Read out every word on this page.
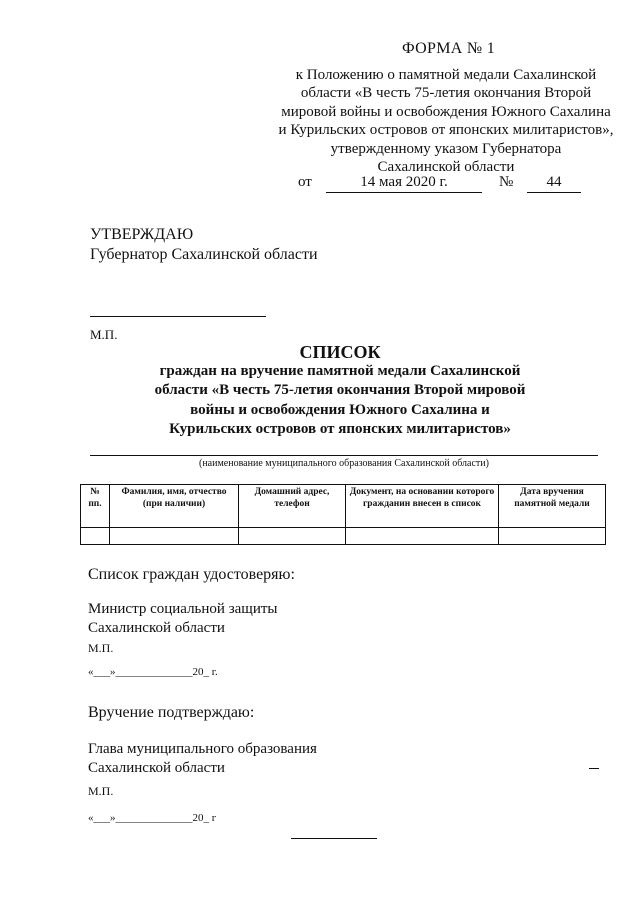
ФОРМА № 1
к Положению о памятной медали Сахалинской
области «В честь 75-летия окончания Второй
мировой войны и освобождения Южного Сахалина
и Курильских островов от японских милитаристов»,
утвержденному указом Губернатора
Сахалинской области
от	14 мая 2020 г.	№	44
УТВЕРЖДАЮ
Губернатор Сахалинской области
М.П.
СПИСОК
граждан на вручение памятной медали Сахалинской
области «В честь 75-летия окончания Второй мировой
войны и освобождения Южного Сахалина и
Курильских островов от японских милитаристов»
(наименование муниципального образования Сахалинской области)
№ пп.	Фамилия, имя, отчество (при наличии)	Домашний адрес, телефон	Документ, на основании которого гражданин внесен в список	Дата вручения памятной медали

Список граждан удостоверяю:
Министр социальной защиты
Сахалинской области
М.П.
«___»______________20_ г.
Вручение подтверждаю:
Глава муниципального образования
Сахалинской области
М.П.
«___»______________20_ г
